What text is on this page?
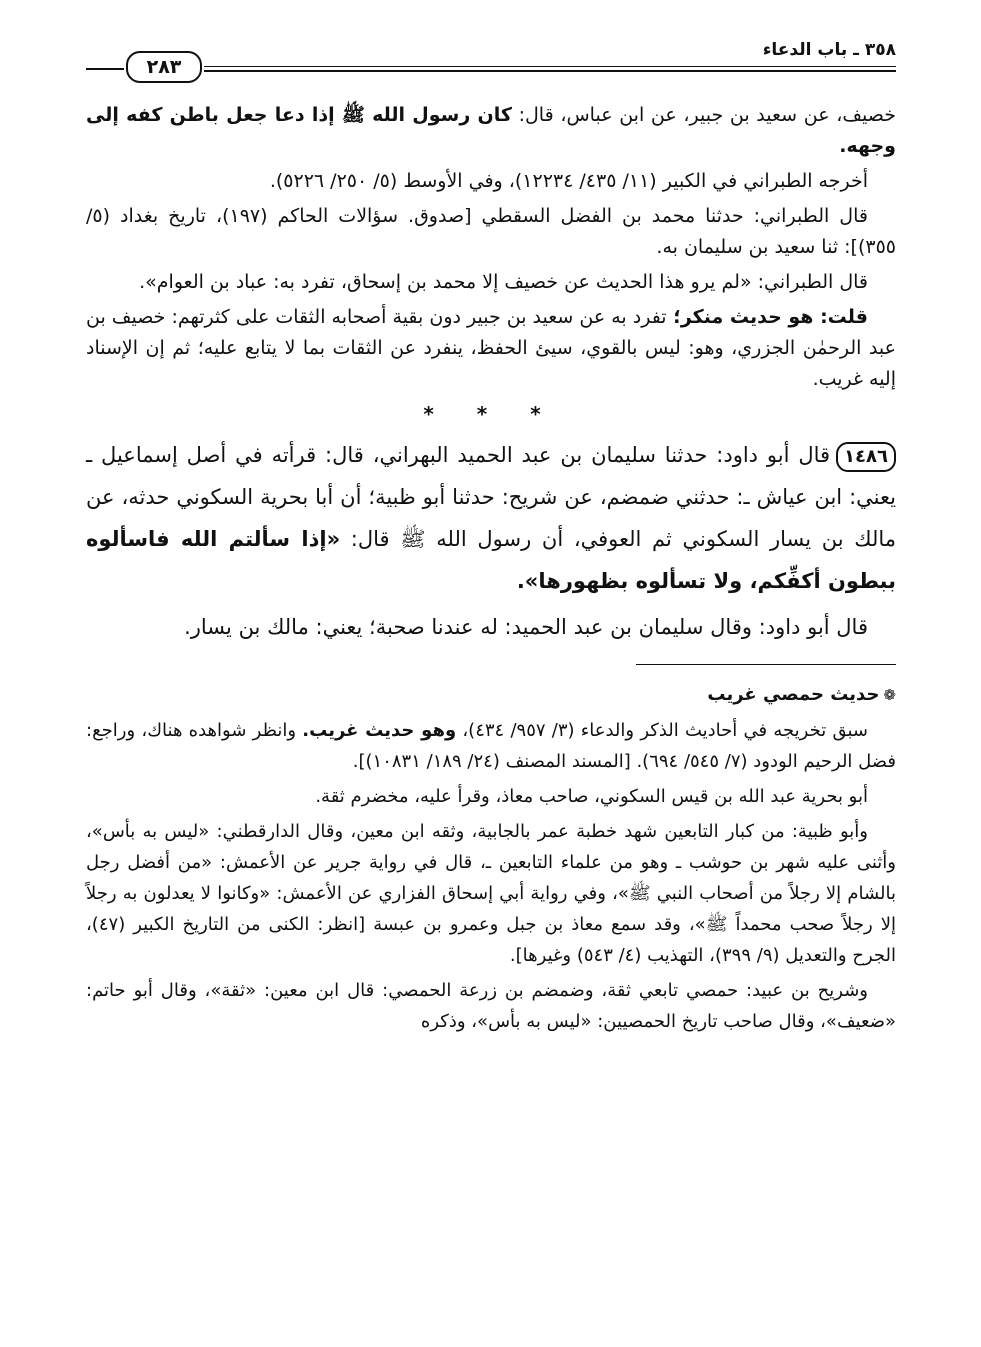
٣٥٨ ـ باب الدعاء
٢٨٣

خصيف، عن سعيد بن جبير، عن ابن عباس، قال: كان رسول الله ﷺ إذا دعا جعل باطن كفه إلى وجهه.

أخرجه الطبراني في الكبير (١١/ ٤٣٥/ ١٢٢٣٤)، وفي الأوسط (٥/ ٢٥٠/ ٥٢٢٦).

قال الطبراني: حدثنا محمد بن الفضل السقطي [صدوق. سؤالات الحاكم (١٩٧)، تاريخ بغداد (٥/ ٣٥٥)]: ثنا سعيد بن سليمان به.

قال الطبراني: «لم يرو هذا الحديث عن خصيف إلا محمد بن إسحاق، تفرد به: عباد بن العوام».

قلت: هو حديث منكر؛ تفرد به عن سعيد بن جبير دون بقية أصحابه الثقات على كثرتهم: خصيف بن عبد الرحمٰن الجزري، وهو: ليس بالقوي، سيئ الحفظ، ينفرد عن الثقات بما لا يتابع عليه؛ ثم إن الإسناد إليه غريب.

* * *

١٤٨٦قال أبو داود: حدثنا سليمان بن عبد الحميد البهراني، قال: قرأته في أصل إسماعيل ـ يعني: ابن عياش ـ: حدثني ضمضم، عن شريح: حدثنا أبو ظبية؛ أن أبا بحرية السكوني حدثه، عن مالك بن يسار السكوني ثم العوفي، أن رسول الله ﷺ قال: «إذا سألتم الله فاسألوه ببطون أكفِّكم، ولا تسألوه بظهورها».

قال أبو داود: وقال سليمان بن عبد الحميد: له عندنا صحبة؛ يعني: مالك بن يسار.

❁حديث حمصي غريب

سبق تخريجه في أحاديث الذكر والدعاء (٣/ ٩٥٧/ ٤٣٤)، وهو حديث غريب. وانظر شواهده هناك، وراجع: فضل الرحيم الودود (٧/ ٥٤٥/ ٦٩٤). [المسند المصنف (٢٤/ ١٨٩/ ١٠٨٣١)].

أبو بحرية عبد الله بن قيس السكوني، صاحب معاذ، وقرأ عليه، مخضرم ثقة.

وأبو ظبية: من كبار التابعين شهد خطبة عمر بالجابية، وثقه ابن معين، وقال الدارقطني: «ليس به بأس»، وأثنى عليه شهر بن حوشب ـ وهو من علماء التابعين ـ، قال في رواية جرير عن الأعمش: «من أفضل رجل بالشام إلا رجلاً من أصحاب النبي ﷺ»، وفي رواية أبي إسحاق الفزاري عن الأعمش: «وكانوا لا يعدلون به رجلاً إلا رجلاً صحب محمداً ﷺ»، وقد سمع معاذ بن جبل وعمرو بن عبسة [انظر: الكنى من التاريخ الكبير (٤٧)، الجرح والتعديل (٩/ ٣٩٩)، التهذيب (٤/ ٥٤٣) وغيرها].

وشريح بن عبيد: حمصي تابعي ثقة، وضمضم بن زرعة الحمصي: قال ابن معين: «ثقة»، وقال أبو حاتم: «ضعيف»، وقال صاحب تاريخ الحمصيين: «ليس به بأس»، وذكره
